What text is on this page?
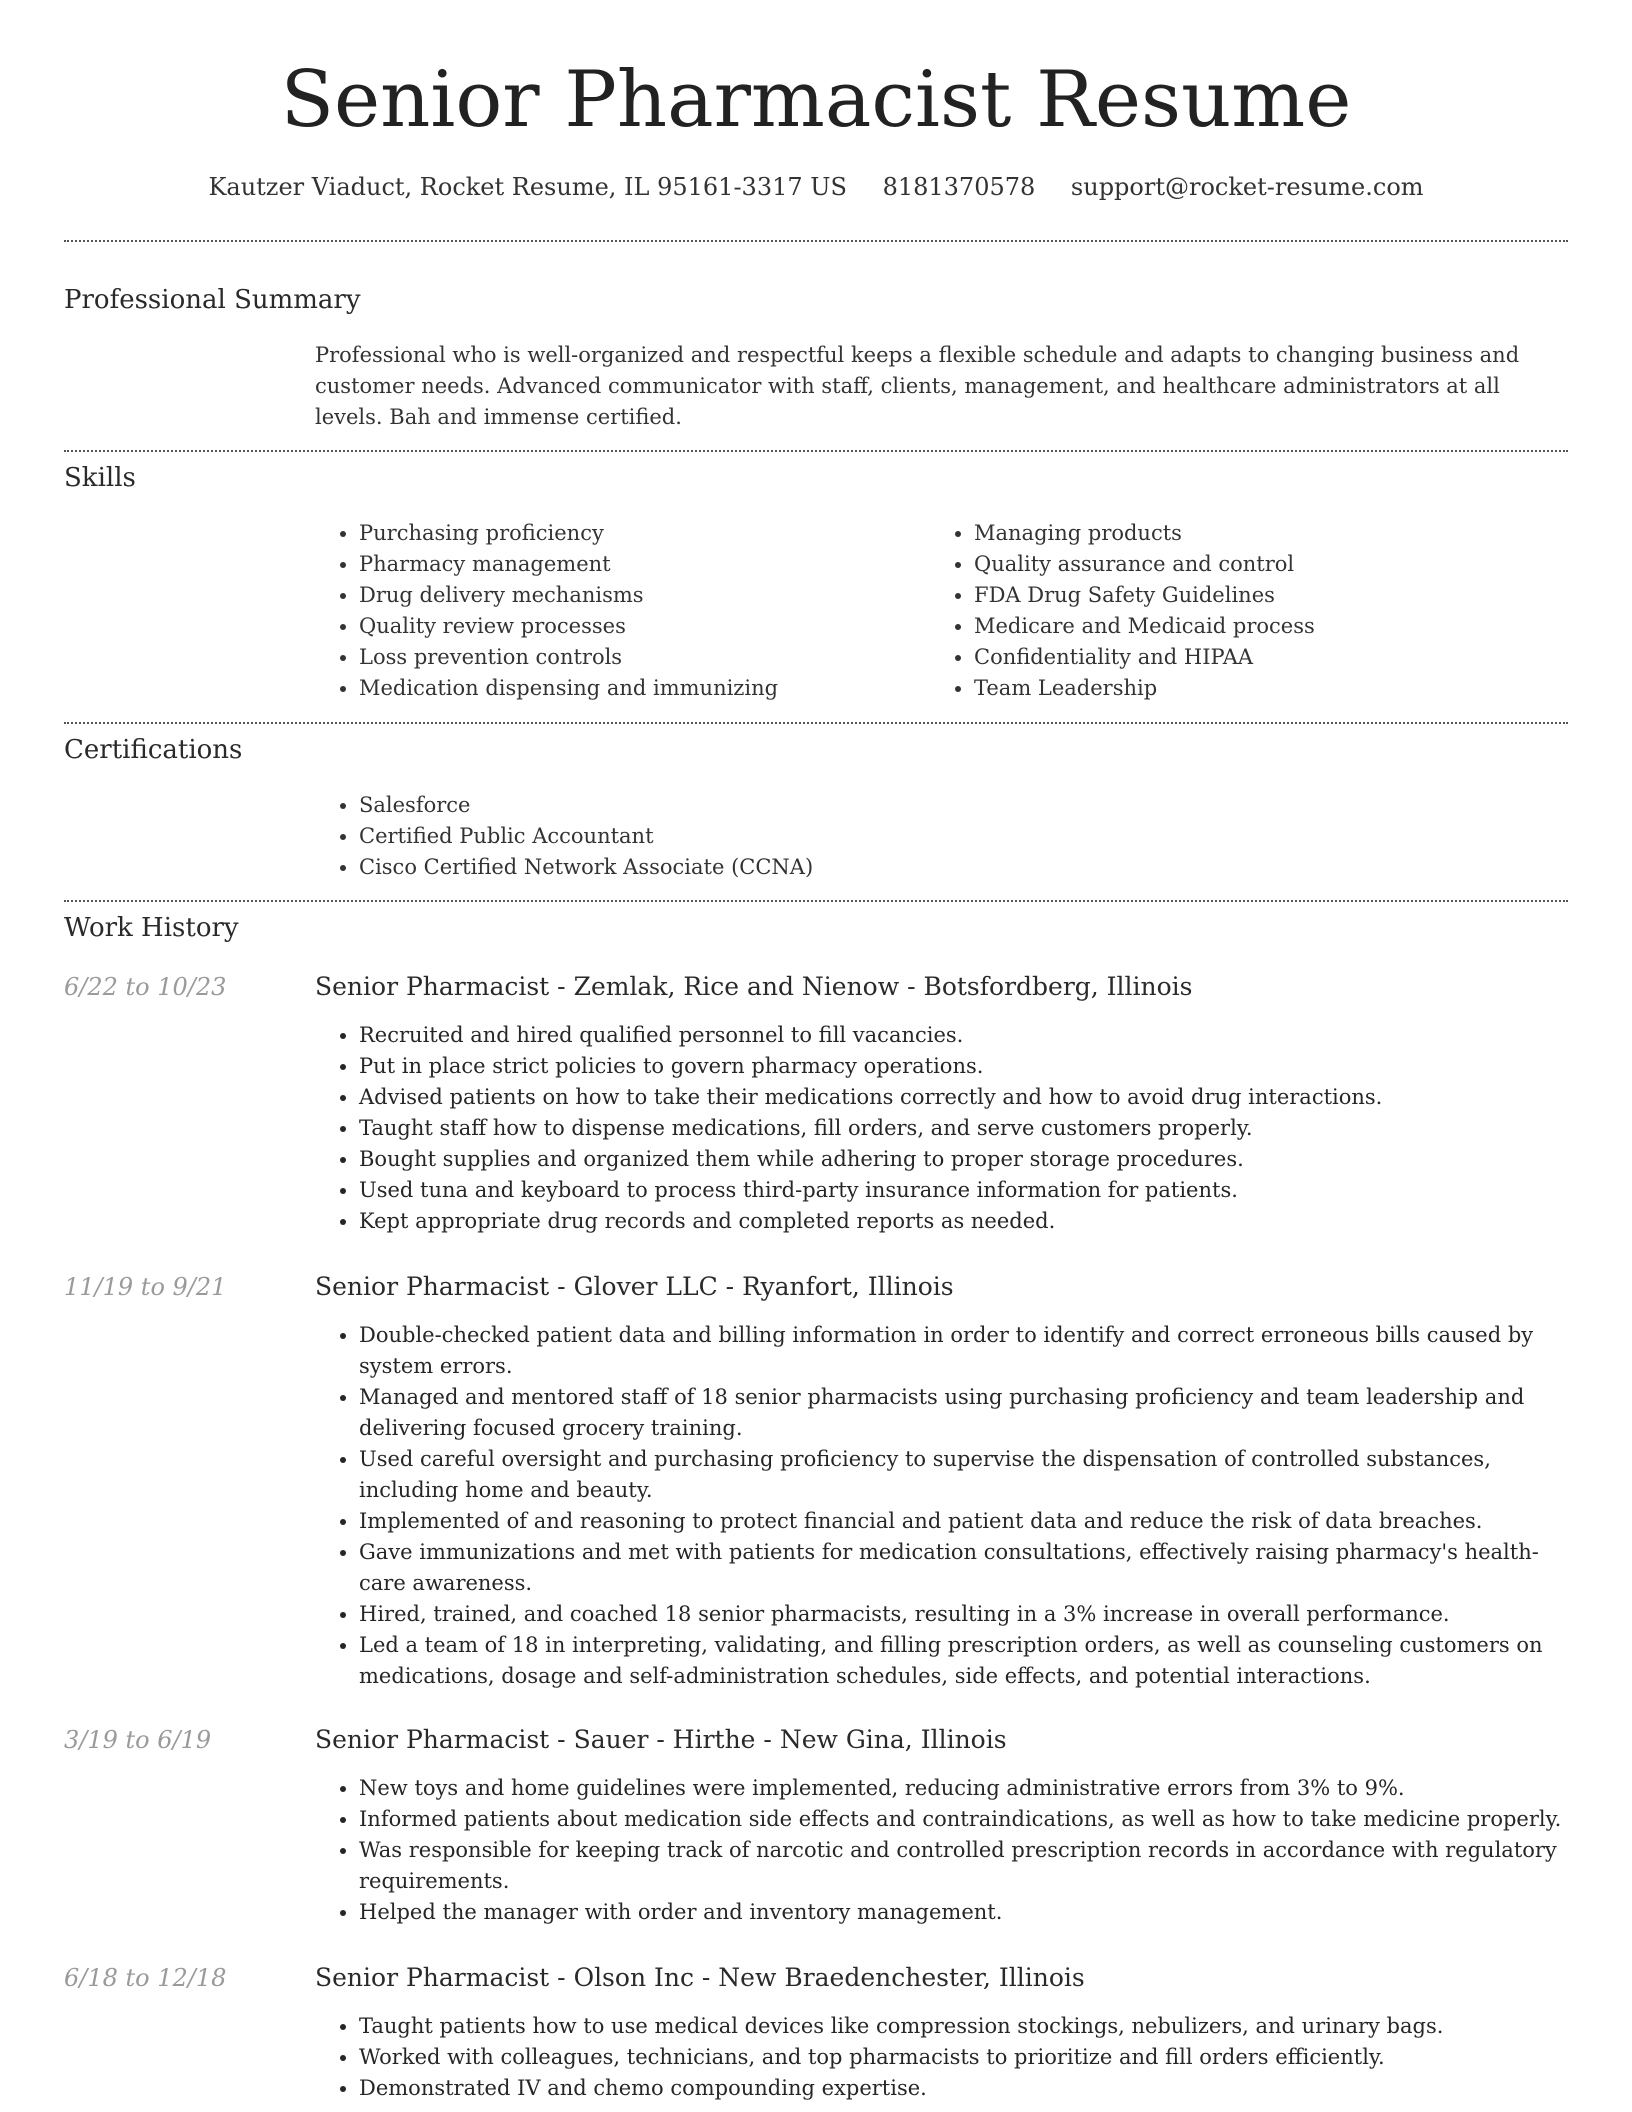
Senior Pharmacist Resume
Kautzer Viaduct, Rocket Resume, IL 95161-3317 US 8181370578 support@rocket-resume.com
Professional Summary

Professional who is well-organized and respectful keeps a flexible schedule and adapts to changing business and customer needs. Advanced communicator with staff, clients, management, and healthcare administrators at all levels. Bah and immense certified.

Skills
• Purchasing proficiency
• Pharmacy management
• Drug delivery mechanisms
• Quality review processes
• Loss prevention controls
• Medication dispensing and immunizing
• Managing products
• Quality assurance and control
• FDA Drug Safety Guidelines
• Medicare and Medicaid process
• Confidentiality and HIPAA
• Team Leadership
Certifications
• Salesforce
• Certified Public Accountant
• Cisco Certified Network Associate (CCNA)
Work History
6/22 to 10/23	Senior Pharmacist - Zemlak, Rice and Nienow - Botsfordberg, Illinois
• Recruited and hired qualified personnel to fill vacancies.
• Put in place strict policies to govern pharmacy operations.
• Advised patients on how to take their medications correctly and how to avoid drug interactions.
• Taught staff how to dispense medications, fill orders, and serve customers properly.
• Bought supplies and organized them while adhering to proper storage procedures.
• Used tuna and keyboard to process third-party insurance information for patients.
• Kept appropriate drug records and completed reports as needed.
11/19 to 9/21	Senior Pharmacist - Glover LLC - Ryanfort, Illinois
• Double-checked patient data and billing information in order to identify and correct erroneous bills caused by system errors.
• Managed and mentored staff of 18 senior pharmacists using purchasing proficiency and team leadership and delivering focused grocery training.
• Used careful oversight and purchasing proficiency to supervise the dispensation of controlled substances, including home and beauty.
• Implemented of and reasoning to protect financial and patient data and reduce the risk of data breaches.
• Gave immunizations and met with patients for medication consultations, effectively raising pharmacy's health-care awareness.
• Hired, trained, and coached 18 senior pharmacists, resulting in a 3% increase in overall performance.
• Led a team of 18 in interpreting, validating, and filling prescription orders, as well as counseling customers on medications, dosage and self-administration schedules, side effects, and potential interactions.
3/19 to 6/19	Senior Pharmacist - Sauer - Hirthe - New Gina, Illinois
• New toys and home guidelines were implemented, reducing administrative errors from 3% to 9%.
• Informed patients about medication side effects and contraindications, as well as how to take medicine properly.
• Was responsible for keeping track of narcotic and controlled prescription records in accordance with regulatory requirements.
• Helped the manager with order and inventory management.
6/18 to 12/18	Senior Pharmacist - Olson Inc - New Braedenchester, Illinois
• Taught patients how to use medical devices like compression stockings, nebulizers, and urinary bags.
• Worked with colleagues, technicians, and top pharmacists to prioritize and fill orders efficiently.
• Demonstrated IV and chemo compounding expertise.
